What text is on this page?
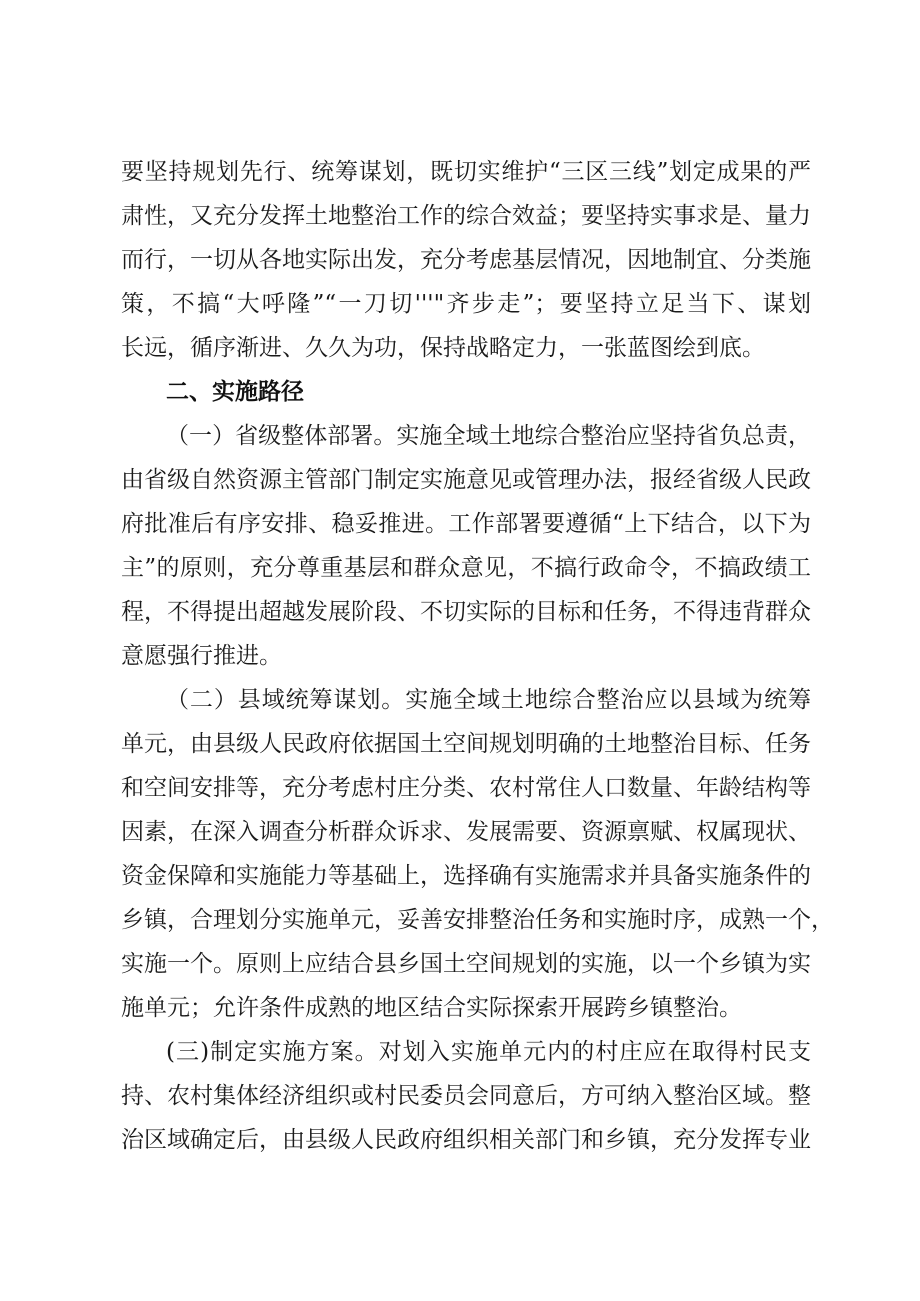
要坚持规划先行、统筹谋划，既切实维护“三区三线”划定成果的严
肃性，又充分发挥土地整治工作的综合效益；要坚持实事求是、量力
而行，一切从各地实际出发，充分考虑基层情况，因地制宜、分类施
策，不搞“大呼隆”“一刀切'''"齐步走”；要坚持立足当下、谋划
长远，循序渐进、久久为功，保持战略定力，一张蓝图绘到底。
二、实施路径
（一）省级整体部署。实施全域土地综合整治应坚持省负总责，
由省级自然资源主管部门制定实施意见或管理办法，报经省级人民政
府批准后有序安排、稳妥推进。工作部署要遵循“上下结合，以下为
主”的原则，充分尊重基层和群众意见，不搞行政命令，不搞政绩工
程，不得提出超越发展阶段、不切实际的目标和任务，不得违背群众
意愿强行推进。
（二）县域统筹谋划。实施全域土地综合整治应以县域为统筹
单元，由县级人民政府依据国土空间规划明确的土地整治目标、任务
和空间安排等，充分考虑村庄分类、农村常住人口数量、年龄结构等
因素，在深入调查分析群众诉求、发展需要、资源禀赋、权属现状、
资金保障和实施能力等基础上，选择确有实施需求并具备实施条件的
乡镇，合理划分实施单元，妥善安排整治任务和实施时序，成熟一个，
实施一个。原则上应结合县乡国土空间规划的实施，以一个乡镇为实
施单元；允许条件成熟的地区结合实际探索开展跨乡镇整治。
(三)制定实施方案。对划入实施单元内的村庄应在取得村民支
持、农村集体经济组织或村民委员会同意后，方可纳入整治区域。整
治区域确定后，由县级人民政府组织相关部门和乡镇，充分发挥专业
